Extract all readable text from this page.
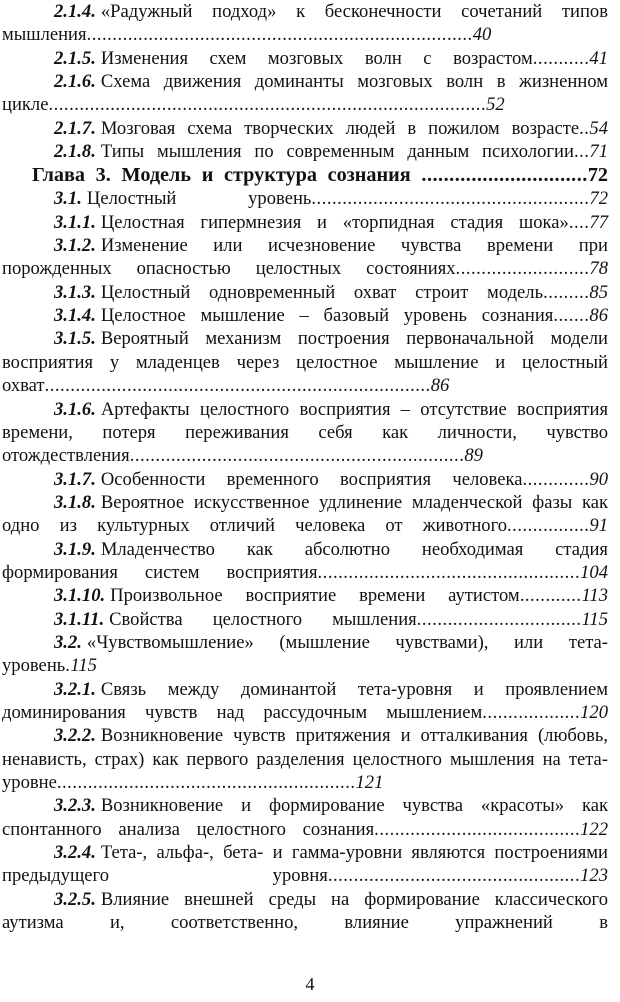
2.1.4. «Радужный подход» к бесконечности сочетаний типов мышления...........................................................................40
2.1.5. Изменения схем мозговых волн с возрастом...........41
2.1.6. Схема движения доминанты мозговых волн в жизненном цикле.....................................................................................52
2.1.7. Мозговая схема творческих людей в пожилом возрасте..54
2.1.8. Типы мышления по современным данным психологии...71
Глава 3. Модель и структура сознания ..............................72
3.1. Целостный уровень......................................................72
3.1.1. Целостная гипермнезия и «торпидная стадия шока»....77
3.1.2. Изменение или исчезновение чувства времени при порожденных опасностью целостных состояниях..........................78
3.1.3. Целостный одновременный охват строит модель.........85
3.1.4. Целостное мышление – базовый уровень сознания.......86
3.1.5. Вероятный механизм построения первоначальной модели восприятия у младенцев через целостное мышление и целостный охват...........................................................................86
3.1.6. Артефакты целостного восприятия – отсутствие восприятия времени, потеря переживания себя как личности, чувство отождествления.................................................................89
3.1.7. Особенности временного восприятия человека.............90
3.1.8. Вероятное искусственное удлинение младенческой фазы как одно из культурных отличий человека от животного................91
3.1.9. Младенчество как абсолютно необходимая стадия формирования систем восприятия...................................................104
3.1.10. Произвольное восприятие времени аутистом............113
3.1.11. Свойства целостного мышления................................115
3.2. «Чувствомышление» (мышление чувствами), или тета-уровень.115
3.2.1. Связь между доминантой тета-уровня и проявлением доминирования чувств над рассудочным мышлением...................120
3.2.2. Возникновение чувств притяжения и отталкивания (любовь, ненависть, страх) как первого разделения целостного мышления на тета-уровне..........................................................121
3.2.3. Возникновение и формирование чувства «красоты» как спонтанного анализа целостного сознания........................................122
3.2.4. Тета-, альфа-, бета- и гамма-уровни являются построениями предыдущего уровня.................................................123
3.2.5. Влияние внешней среды на формирование классического аутизма и, соответственно, влияние упражнений в
4
